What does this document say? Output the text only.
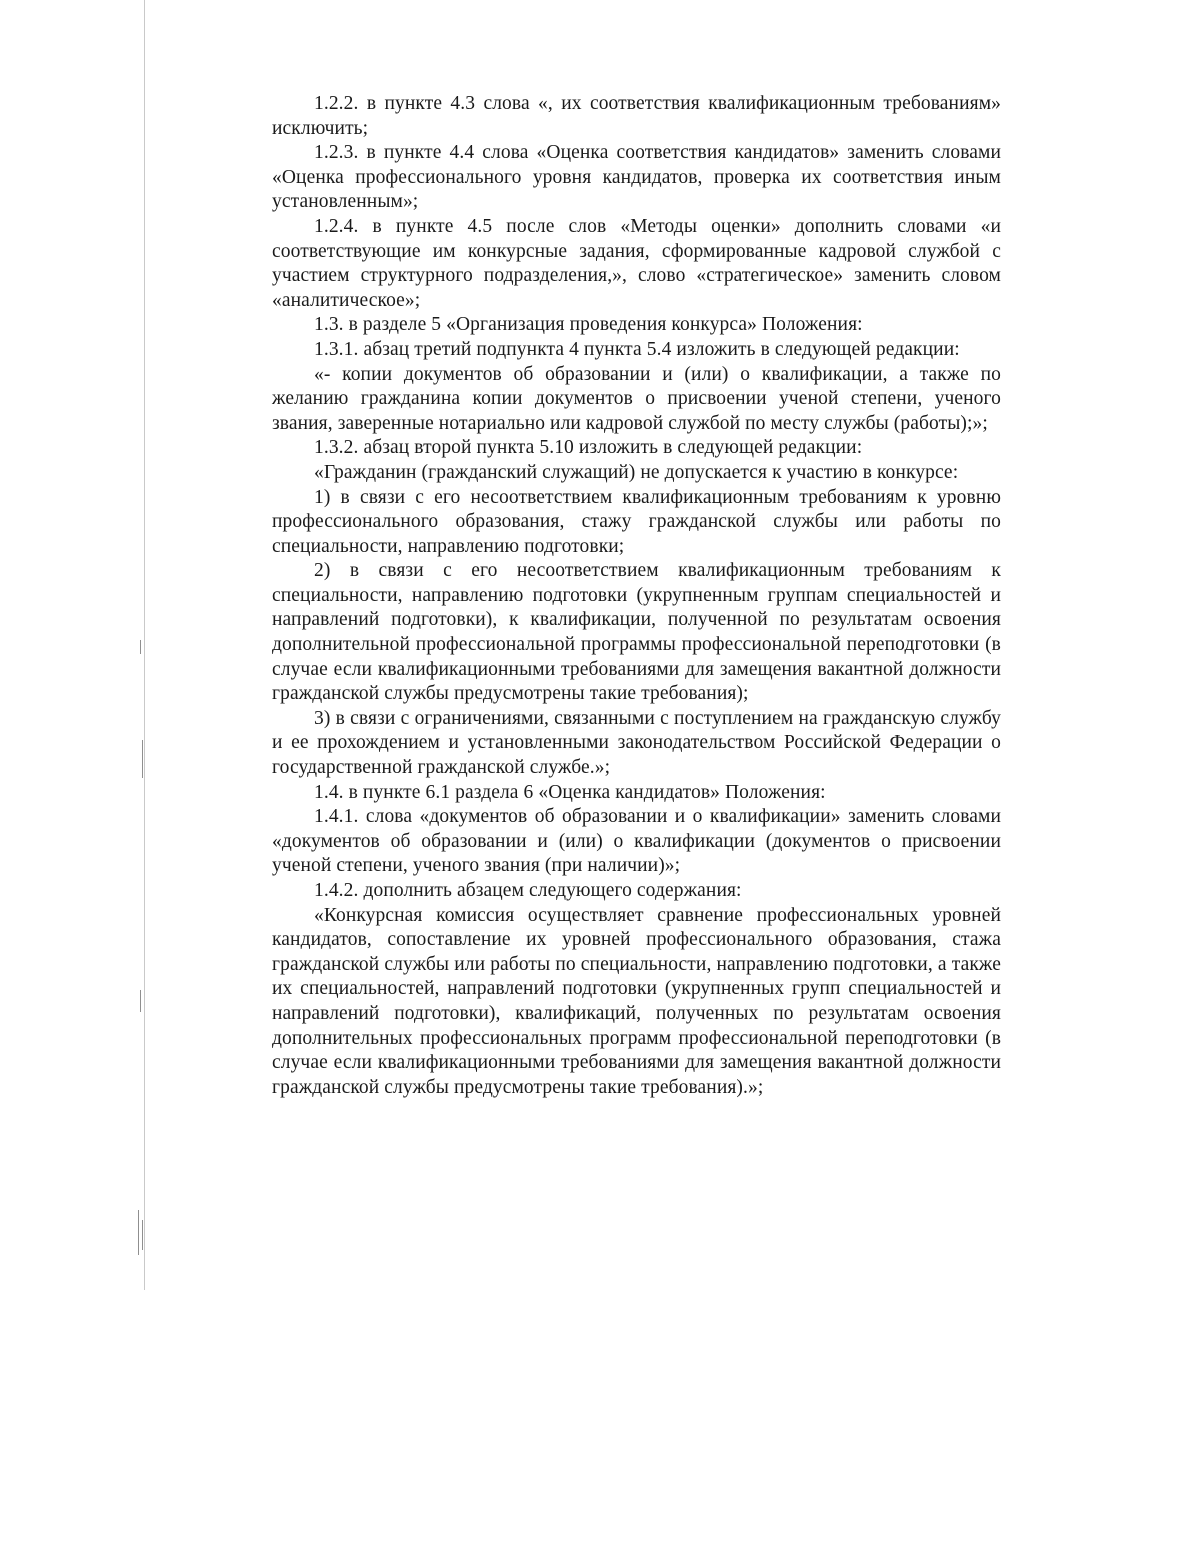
1.2.2. в пункте 4.3 слова «, их соответствия квалификационным требованиям» исключить;

1.2.3. в пункте 4.4 слова «Оценка соответствия кандидатов» заменить словами «Оценка профессионального уровня кандидатов, проверка их соответствия иным установленным»;

1.2.4. в пункте 4.5 после слов «Методы оценки» дополнить словами «и соответствующие им конкурсные задания, сформированные кадровой службой с участием структурного подразделения,», слово «стратегическое» заменить словом «аналитическое»;

1.3. в разделе 5 «Организация проведения конкурса» Положения:

1.3.1. абзац третий подпункта 4 пункта 5.4 изложить в следующей редакции:

«- копии документов об образовании и (или) о квалификации, а также по желанию гражданина копии документов о присвоении ученой степени, ученого звания, заверенные нотариально или кадровой службой по месту службы (работы);»;

1.3.2. абзац второй пункта 5.10 изложить в следующей редакции:

«Гражданин (гражданский служащий) не допускается к участию в конкурсе:

1) в связи с его несоответствием квалификационным требованиям к уровню профессионального образования, стажу гражданской службы или работы по специальности, направлению подготовки;

2) в связи с его несоответствием квалификационным требованиям к специальности, направлению подготовки (укрупненным группам специальностей и направлений подготовки), к квалификации, полученной по результатам освоения дополнительной профессиональной программы профессиональной переподготовки (в случае если квалификационными требованиями для замещения вакантной должности гражданской службы предусмотрены такие требования);

3) в связи с ограничениями, связанными с поступлением на гражданскую службу и ее прохождением и установленными законодательством Российской Федерации о государственной гражданской службе.»;

1.4. в пункте 6.1 раздела 6 «Оценка кандидатов» Положения:

1.4.1. слова «документов об образовании и о квалификации» заменить словами «документов об образовании и (или) о квалификации (документов о присвоении ученой степени, ученого звания (при наличии)»;

1.4.2. дополнить абзацем следующего содержания:

«Конкурсная комиссия осуществляет сравнение профессиональных уровней кандидатов, сопоставление их уровней профессионального образования, стажа гражданской службы или работы по специальности, направлению подготовки, а также их специальностей, направлений подготовки (укрупненных групп специальностей и направлений подготовки), квалификаций, полученных по результатам освоения дополнительных профессиональных программ профессиональной переподготовки (в случае если квалификационными требованиями для замещения вакантной должности гражданской службы предусмотрены такие требования).»;
